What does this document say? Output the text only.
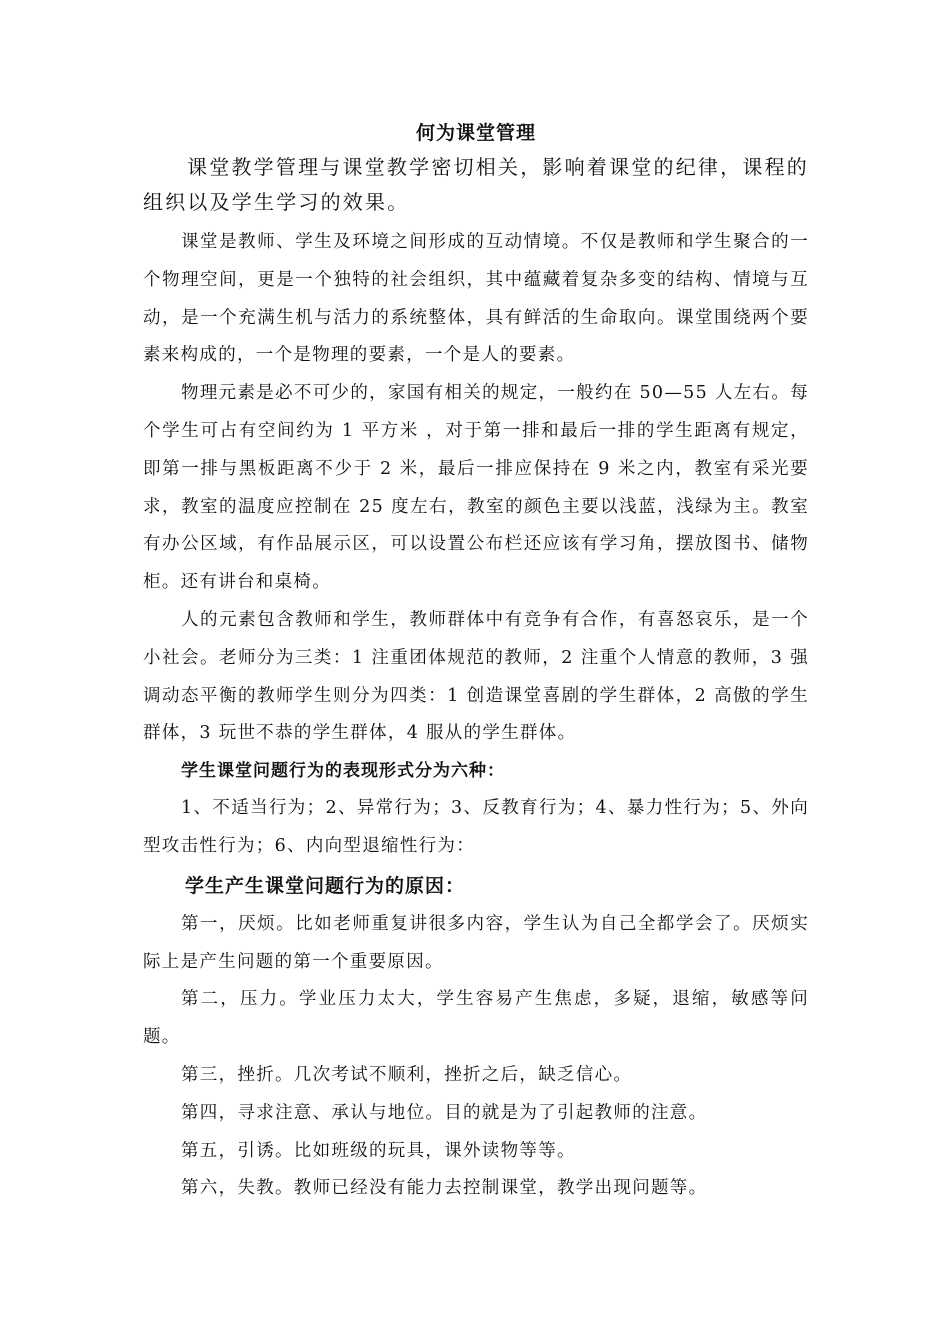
何为课堂管理

课堂教学管理与课堂教学密切相关，影响着课堂的纪律，课程的组织以及学生学习的效果。

课堂是教师、学生及环境之间形成的互动情境。不仅是教师和学生聚合的一个物理空间，更是一个独特的社会组织，其中蕴藏着复杂多变的结构、情境与互动，是一个充满生机与活力的系统整体，具有鲜活的生命取向。课堂围绕两个要素来构成的，一个是物理的要素，一个是人的要素。

物理元素是必不可少的，家国有相关的规定，一般约在 50—55 人左右。每个学生可占有空间约为 1 平方米 ，对于第一排和最后一排的学生距离有规定，即第一排与黑板距离不少于 2 米，最后一排应保持在 9 米之内，教室有采光要求，教室的温度应控制在 25 度左右，教室的颜色主要以浅蓝，浅绿为主。教室有办公区域，有作品展示区，可以设置公布栏还应该有学习角，摆放图书、储物柜。还有讲台和桌椅。

人的元素包含教师和学生，教师群体中有竞争有合作，有喜怒哀乐，是一个小社会。老师分为三类：1 注重团体规范的教师，2 注重个人情意的教师，3 强调动态平衡的教师学生则分为四类：1 创造课堂喜剧的学生群体，2 高傲的学生群体，3 玩世不恭的学生群体，4 服从的学生群体。

学生课堂问题行为的表现形式分为六种：

1、不适当行为；2、异常行为；3、反教育行为；4、暴力性行为；5、外向型攻击性行为；6、内向型退缩性行为：

学生产生课堂问题行为的原因：

第一，厌烦。比如老师重复讲很多内容，学生认为自己全都学会了。厌烦实际上是产生问题的第一个重要原因。

第二，压力。学业压力太大，学生容易产生焦虑，多疑，退缩，敏感等问题。

第三，挫折。几次考试不顺利，挫折之后，缺乏信心。

第四，寻求注意、承认与地位。目的就是为了引起教师的注意。

第五，引诱。比如班级的玩具，课外读物等等。

第六，失教。教师已经没有能力去控制课堂，教学出现问题等。
